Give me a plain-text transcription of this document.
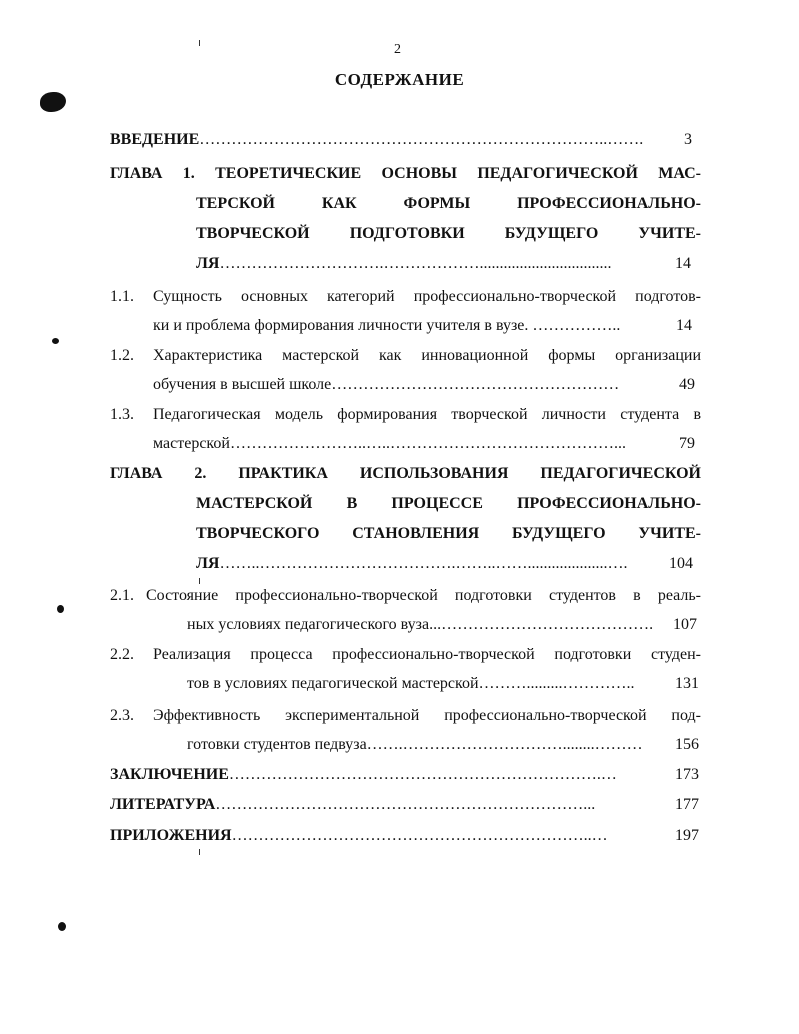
2
СОДЕРЖАНИЕ
ВВЕДЕНИЕ…………………………………………………………………..…….	3
ГЛАВА 1. ТЕОРЕТИЧЕСКИЕ ОСНОВЫ ПЕДАГОГИЧЕСКОЙ МАС-
ТЕРСКОЙ КАК ФОРМЫ ПРОФЕССИОНАЛЬНО-
ТВОРЧЕСКОЙ ПОДГОТОВКИ БУДУЩЕГО УЧИТЕ-
ЛЯ………………………….……………….................................	14
1.1. Сущность основных категорий профессионально-творческой подготов-
ки и проблема формирования личности учителя в вузе. ……………..	14
1.2. Характеристика мастерской как инновационной формы организации
обучения в высшей школе………………………………………………	49
1.3. Педагогическая модель формирования творческой личности студента в
мастерской……………………..…..……………………………………...	79
ГЛАВА 2. ПРАКТИКА ИСПОЛЬЗОВАНИЯ ПЕДАГОГИЧЕСКОЙ
МАСТЕРСКОЙ В ПРОЦЕССЕ ПРОФЕССИОНАЛЬНО-
ТВОРЧЕСКОГО СТАНОВЛЕНИЯ БУДУЩЕГО УЧИТЕ-
ЛЯ……..……………………………….……..……....................….	104
2.1. Состояние профессионально-творческой подготовки студентов в реаль-
ных условиях педагогического вуза...………………………………….	107
2.2. Реализация процесса профессионально-творческой подготовки студен-
тов в условиях педагогической мастерской……….........…………..	131
2.3. Эффективность экспериментальной профессионально-творческой под-
готовки студентов педвуза…….…………………………........………	156
ЗАКЛЮЧЕНИЕ…………………………………………………………….…	173
ЛИТЕРАТУРА……………………………………………………………...	177
ПРИЛОЖЕНИЯ…………………………………………………………..…	197
